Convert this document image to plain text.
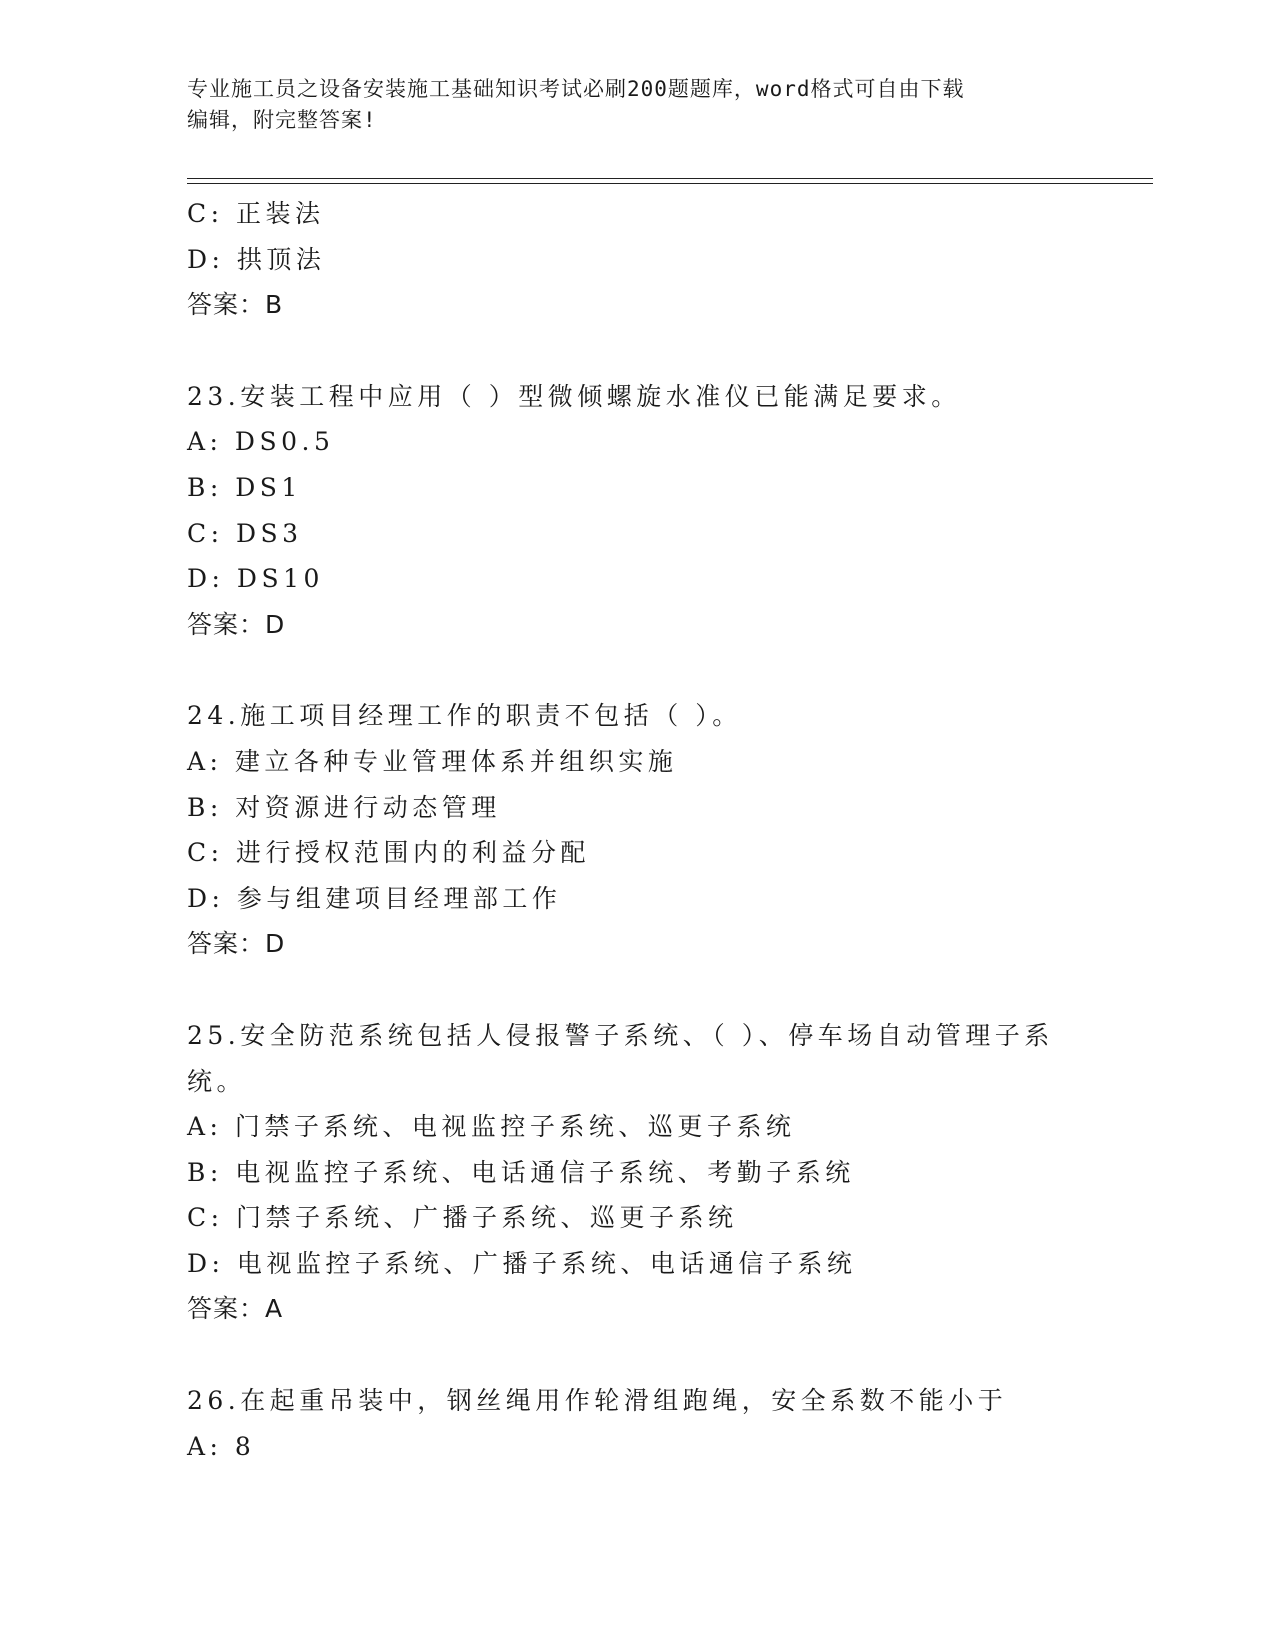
专业施工员之设备安装施工基础知识考试必刷200题题库，word格式可自由下载
编辑，附完整答案!
C: 正装法
D: 拱顶法
答案：B
23.安装工程中应用（ ）型微倾螺旋水准仪已能满足要求。
A: DS0.5
B: DS1
C: DS3
D: DS10
答案：D
24.施工项目经理工作的职责不包括（ ）。
A: 建立各种专业管理体系并组织实施
B: 对资源进行动态管理
C: 进行授权范围内的利益分配
D: 参与组建项目经理部工作
答案：D
25.安全防范系统包括人侵报警子系统、（ ）、停车场自动管理子系
统。
A: 门禁子系统、电视监控子系统、巡更子系统
B: 电视监控子系统、电话通信子系统、考勤子系统
C: 门禁子系统、广播子系统、巡更子系统
D: 电视监控子系统、广播子系统、电话通信子系统
答案：A
26.在起重吊装中，钢丝绳用作轮滑组跑绳，安全系数不能小于
A: 8
